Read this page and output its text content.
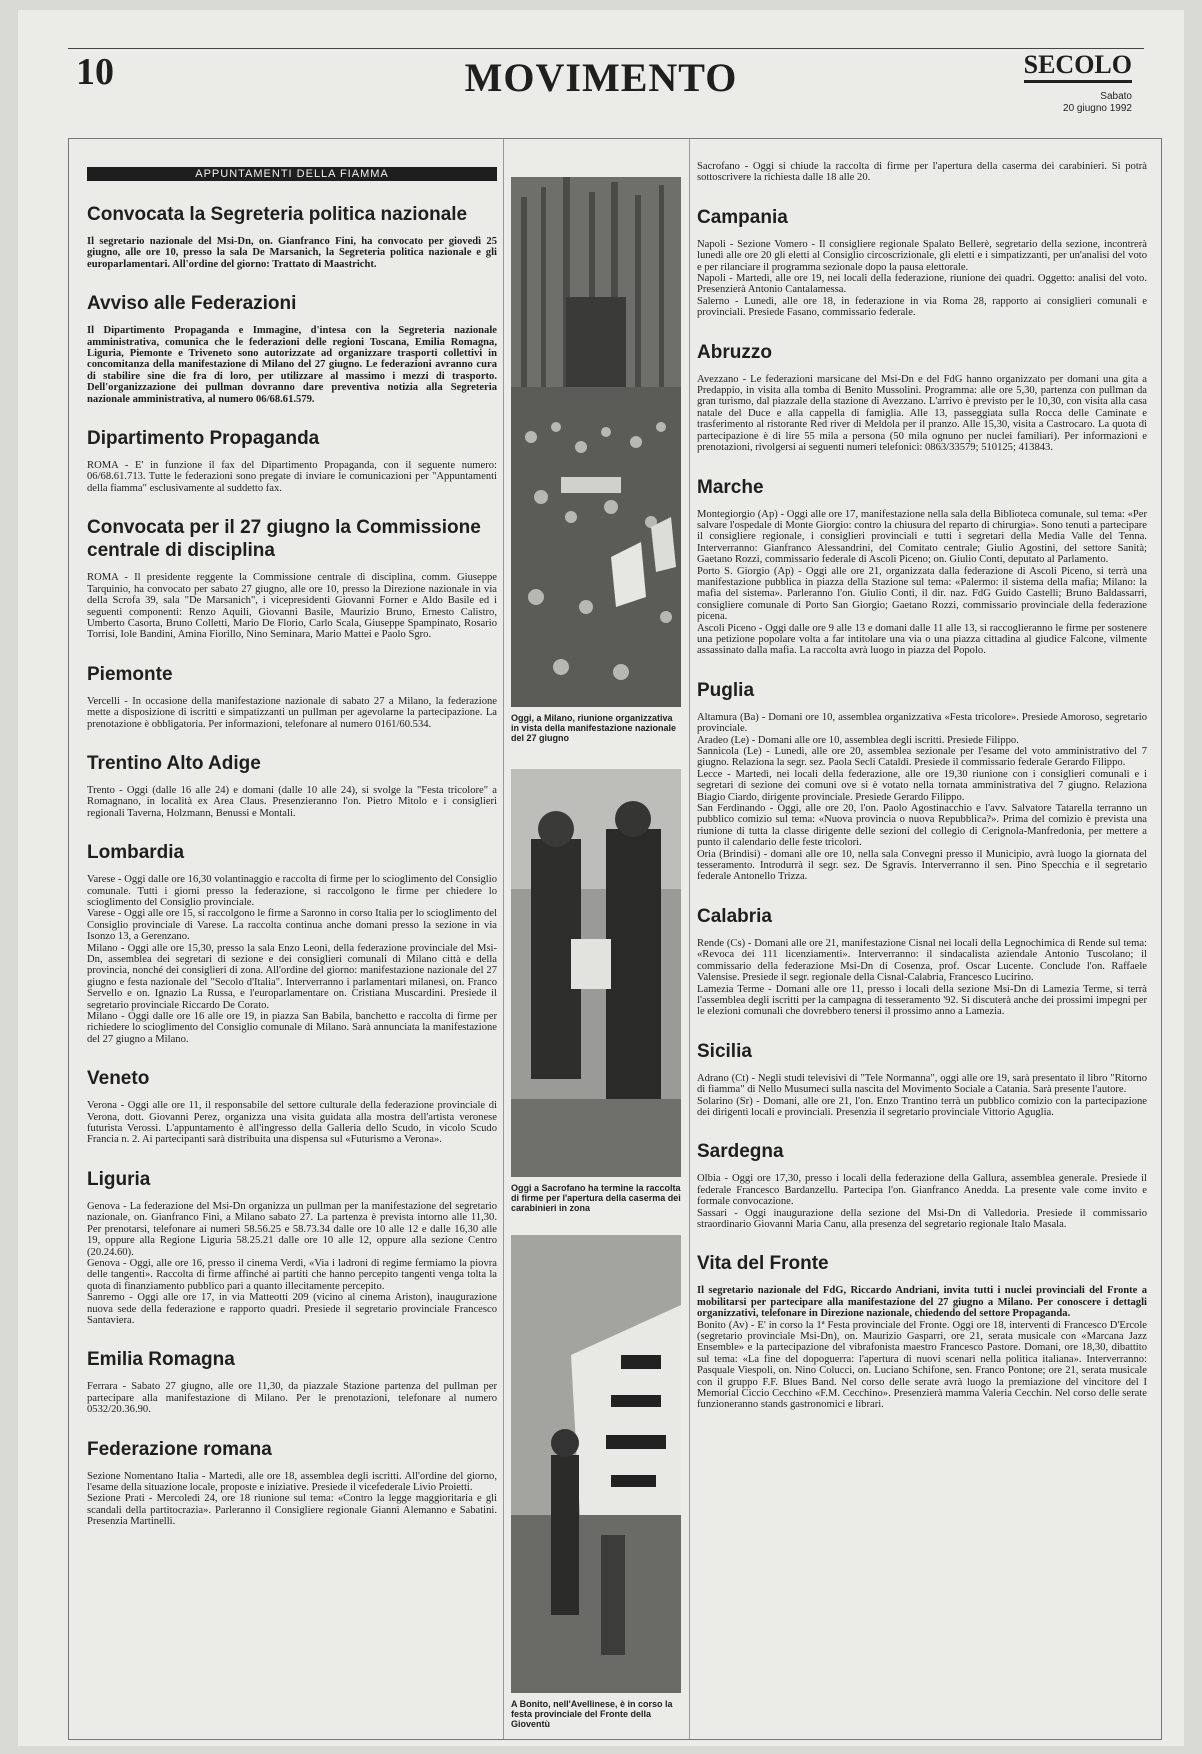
10	MOVIMENTO	SECOLO
Sabato
20 giugno 1992
APPUNTAMENTI DELLA FIAMMA
Convocata la Segreteria politica nazionale

Il segretario nazionale del Msi-Dn, on. Gianfranco Fini, ha convocato per giovedì 25 giugno, alle ore 10, presso la sala De Marsanich, la Segreteria politica nazionale e gli europarlamentari. All'ordine del giorno: Trattato di Maastricht.

Avviso alle Federazioni

Il Dipartimento Propaganda e Immagine, d'intesa con la Segreteria nazionale amministrativa, comunica che le federazioni delle regioni Toscana, Emilia Romagna, Liguria, Piemonte e Triveneto sono autorizzate ad organizzare trasporti collettivi in concomitanza della manifestazione di Milano del 27 giugno. Le federazioni avranno cura di stabilire sine die fra di loro, per utilizzare al massimo i mezzi di trasporto. Dell'organizzazione dei pullman dovranno dare preventiva notizia alla Segreteria nazionale amministrativa, al numero 06/68.61.579.

Dipartimento Propaganda

ROMA - E' in funzione il fax del Dipartimento Propaganda, con il seguente numero: 06/68.61.713. Tutte le federazioni sono pregate di inviare le comunicazioni per "Appuntamenti della fiamma" esclusivamente al suddetto fax.

Convocata per il 27 giugno la Commissione centrale di disciplina

ROMA - Il presidente reggente la Commissione centrale di disciplina, comm. Giuseppe Tarquinio, ha convocato per sabato 27 giugno, alle ore 10, presso la Direzione nazionale in via della Scrofa 39, sala "De Marsanich", i vicepresidenti Giovanni Forner e Aldo Basile ed i seguenti componenti: Renzo Aquili, Giovanni Basile, Maurizio Bruno, Ernesto Calistro, Umberto Casorta, Bruno Colletti, Mario De Florio, Carlo Scala, Giuseppe Spampinato, Rosario Torrisi, Iole Bandini, Amina Fiorillo, Nino Seminara, Mario Mattei e Paolo Sgro.

Piemonte

Vercelli - In occasione della manifestazione nazionale di sabato 27 a Milano, la federazione mette a disposizione di iscritti e simpatizzanti un pullman per agevolarne la partecipazione. La prenotazione è obbligatoria. Per informazioni, telefonare al numero 0161/60.534.

Trentino Alto Adige

Trento - Oggi (dalle 16 alle 24) e domani (dalle 10 alle 24), si svolge la "Festa tricolore" a Romagnano, in località ex Area Claus. Presenzieranno l'on. Pietro Mitolo e i consiglieri regionali Taverna, Holzmann, Benussi e Montali.

Lombardia

Varese - Oggi dalle ore 16,30 volantinaggio e raccolta di firme per lo scioglimento del Consiglio comunale. Tutti i giorni presso la federazione, si raccolgono le firme per chiedere lo scioglimento del Consiglio provinciale.

Varese - Oggi alle ore 15, si raccolgono le firme a Saronno in corso Italia per lo scioglimento del Consiglio provinciale di Varese. La raccolta continua anche domani presso la sezione in via Isonzo 13, a Gerenzano.

Milano - Oggi alle ore 15,30, presso la sala Enzo Leoni, della federazione provinciale del Msi-Dn, assemblea dei segretari di sezione e dei consiglieri comunali di Milano città e della provincia, nonché dei consiglieri di zona. All'ordine del giorno: manifestazione nazionale del 27 giugno e festa nazionale del "Secolo d'Italia". Interverranno i parlamentari milanesi, on. Franco Servello e on. Ignazio La Russa, e l'europarlamentare on. Cristiana Muscardini. Presiede il segretario provinciale Riccardo De Corato.

Milano - Oggi dalle ore 16 alle ore 19, in piazza San Babila, banchetto e raccolta di firme per richiedere lo scioglimento del Consiglio comunale di Milano. Sarà annunciata la manifestazione del 27 giugno a Milano.

Veneto

Verona - Oggi alle ore 11, il responsabile del settore culturale della federazione provinciale di Verona, dott. Giovanni Perez, organizza una visita guidata alla mostra dell'artista veronese futurista Verossi. L'appuntamento è all'ingresso della Galleria dello Scudo, in vicolo Scudo Francia n. 2. Ai partecipanti sarà distribuita una dispensa sul «Futurismo a Verona».

Liguria

Genova - La federazione del Msi-Dn organizza un pullman per la manifestazione del segretario nazionale, on. Gianfranco Fini, a Milano sabato 27. La partenza è prevista intorno alle 11,30. Per prenotarsi, telefonare ai numeri 58.56.25 e 58.73.34 dalle ore 10 alle 12 e dalle 16,30 alle 19, oppure alla Regione Liguria 58.25.21 dalle ore 10 alle 12, oppure alla sezione Centro (20.24.60).

Genova - Oggi, alle ore 16, presso il cinema Verdi, «Via i ladroni di regime fermiamo la piovra delle tangenti». Raccolta di firme affinché ai partiti che hanno percepito tangenti venga tolta la quota di finanziamento pubblico pari a quanto illecitamente percepito.

Sanremo - Oggi alle ore 17, in via Matteotti 209 (vicino al cinema Ariston), inaugurazione nuova sede della federazione e rapporto quadri. Presiede il segretario provinciale Francesco Santaviera.

Emilia Romagna

Ferrara - Sabato 27 giugno, alle ore 11,30, da piazzale Stazione partenza del pullman per partecipare alla manifestazione di Milano. Per le prenotazioni, telefonare al numero 0532/20.36.90.

Federazione romana

Sezione Nomentano Italia - Martedì, alle ore 18, assemblea degli iscritti. All'ordine del giorno, l'esame della situazione locale, proposte e iniziative. Presiede il vicefederale Livio Proietti.

Sezione Prati - Mercoledì 24, ore 18 riunione sul tema: «Contro la legge maggioritaria e gli scandali della partitocrazia». Parleranno il Consigliere regionale Gianni Alemanno e Sabatini. Presenzia Martinelli.

Oggi, a Milano, riunione organizzativa in vista della manifestazione nazionale del 27 giugno
Oggi a Sacrofano ha termine la raccolta di firme per l'apertura della caserma dei carabinieri in zona
A Bonito, nell'Avellinese, è in corso la festa provinciale del Fronte della Gioventù

Sacrofano - Oggi si chiude la raccolta di firme per l'apertura della caserma dei carabinieri. Si potrà sottoscrivere la richiesta dalle 18 alle 20.

Campania

Napoli - Sezione Vomero - Il consigliere regionale Spalato Bellerè, segretario della sezione, incontrerà lunedì alle ore 20 gli eletti al Consiglio circoscrizionale, gli eletti e i simpatizzanti, per un'analisi del voto e per rilanciare il programma sezionale dopo la pausa elettorale.

Napoli - Martedì, alle ore 19, nei locali della federazione, riunione dei quadri. Oggetto: analisi del voto. Presenzierà Antonio Cantalamessa.

Salerno - Lunedì, alle ore 18, in federazione in via Roma 28, rapporto ai consiglieri comunali e provinciali. Presiede Fasano, commissario federale.

Abruzzo

Avezzano - Le federazioni marsicane del Msi-Dn e del FdG hanno organizzato per domani una gita a Predappio, in visita alla tomba di Benito Mussolini. Programma: alle ore 5,30, partenza con pullman da gran turismo, dal piazzale della stazione di Avezzano. L'arrivo è previsto per le 10,30, con visita alla casa natale del Duce e alla cappella di famiglia. Alle 13, passeggiata sulla Rocca delle Caminate e trasferimento al ristorante Red river di Meldola per il pranzo. Alle 15,30, visita a Castrocaro. La quota di partecipazione è di lire 55 mila a persona (50 mila ognuno per nuclei familiari). Per informazioni e prenotazioni, rivolgersi ai seguenti numeri telefonici: 0863/33579; 510125; 413843.

Marche

Montegiorgio (Ap) - Oggi alle ore 17, manifestazione nella sala della Biblioteca comunale, sul tema: «Per salvare l'ospedale di Monte Giorgio: contro la chiusura del reparto di chirurgia». Sono tenuti a partecipare il consigliere regionale, i consiglieri provinciali e tutti i segretari della Media Valle del Tenna. Interverranno: Gianfranco Alessandrini, del Comitato centrale; Giulio Agostini, del settore Sanità; Gaetano Rozzi, commissario federale di Ascoli Piceno; on. Giulio Conti, deputato al Parlamento.

Porto S. Giorgio (Ap) - Oggi alle ore 21, organizzata dalla federazione di Ascoli Piceno, si terrà una manifestazione pubblica in piazza della Stazione sul tema: «Palermo: il sistema della mafia; Milano: la mafia del sistema». Parleranno l'on. Giulio Conti, il dir. naz. FdG Guido Castelli; Bruno Baldassarri, consigliere comunale di Porto San Giorgio; Gaetano Rozzi, commissario provinciale della federazione picena.

Ascoli Piceno - Oggi dalle ore 9 alle 13 e domani dalle 11 alle 13, si raccoglieranno le firme per sostenere una petizione popolare volta a far intitolare una via o una piazza cittadina al giudice Falcone, vilmente assassinato dalla mafia. La raccolta avrà luogo in piazza del Popolo.

Puglia

Altamura (Ba) - Domani ore 10, assemblea organizzativa «Festa tricolore». Presiede Amoroso, segretario provinciale.

Aradeo (Le) - Domani alle ore 10, assemblea degli iscritti. Presiede Filippo.

Sannicola (Le) - Lunedì, alle ore 20, assemblea sezionale per l'esame del voto amministrativo del 7 giugno. Relaziona la segr. sez. Paola Secli Cataldi. Presiede il commissario federale Gerardo Filippo.

Lecce - Martedì, nei locali della federazione, alle ore 19,30 riunione con i consiglieri comunali e i segretari di sezione dei comuni ove si è votato nella tornata amministrativa del 7 giugno. Relaziona Biagio Ciardo, dirigente provinciale. Presiede Gerardo Filippo.

San Ferdinando - Oggi, alle ore 20, l'on. Paolo Agostinacchio e l'avv. Salvatore Tatarella terranno un pubblico comizio sul tema: «Nuova provincia o nuova Repubblica?». Prima del comizio è prevista una riunione di tutta la classe dirigente delle sezioni del collegio di Cerignola-Manfredonia, per mettere a punto il calendario delle feste tricolori.

Oria (Brindisi) - domani alle ore 10, nella sala Convegni presso il Municipio, avrà luogo la giornata del tesseramento. Introdurrà il segr. sez. De Sgravis. Interverranno il sen. Pino Specchia e il segretario federale Antonello Trizza.

Calabria

Rende (Cs) - Domani alle ore 21, manifestazione Cisnal nei locali della Legnochimica di Rende sul tema: «Revoca dei 111 licenziamenti». Interverranno: il sindacalista aziendale Antonio Tuscolano; il commissario della federazione Msi-Dn di Cosenza, prof. Oscar Lucente. Conclude l'on. Raffaele Valensise. Presiede il segr. regionale della Cisnal-Calabria, Francesco Lucirino.

Lamezia Terme - Domani alle ore 11, presso i locali della sezione Msi-Dn di Lamezia Terme, si terrà l'assemblea degli iscritti per la campagna di tesseramento '92. Si discuterà anche dei prossimi impegni per le elezioni comunali che dovrebbero tenersi il prossimo anno a Lamezia.

Sicilia

Adrano (Ct) - Negli studi televisivi di "Tele Normanna", oggi alle ore 19, sarà presentato il libro "Ritorno di fiamma" di Nello Musumeci sulla nascita del Movimento Sociale a Catania. Sarà presente l'autore.

Solarino (Sr) - Domani, alle ore 21, l'on. Enzo Trantino terrà un pubblico comizio con la partecipazione dei dirigenti locali e provinciali. Presenzia il segretario provinciale Vittorio Aguglia.

Sardegna

Olbia - Oggi ore 17,30, presso i locali della federazione della Gallura, assemblea generale. Presiede il federale Francesco Bardanzellu. Partecipa l'on. Gianfranco Anedda. La presente vale come invito e formale convocazione.

Sassari - Oggi inaugurazione della sezione del Msi-Dn di Valledoria. Presiede il commissario straordinario Giovanni Maria Canu, alla presenza del segretario regionale Italo Masala.

Vita del Fronte

Il segretario nazionale del FdG, Riccardo Andriani, invita tutti i nuclei provinciali del Fronte a mobilitarsi per partecipare alla manifestazione del 27 giugno a Milano. Per conoscere i dettagli organizzativi, telefonare in Direzione nazionale, chiedendo del settore Propaganda.

Bonito (Av) - E' in corso la 1ª Festa provinciale del Fronte. Oggi ore 18, interventi di Francesco D'Ercole (segretario provinciale Msi-Dn), on. Maurizio Gasparri, ore 21, serata musicale con «Marcana Jazz Ensemble» e la partecipazione del vibrafonista maestro Francesco Pastore. Domani, ore 18,30, dibattito sul tema: «La fine del dopoguerra: l'apertura di nuovi scenari nella politica italiana». Interverranno: Pasquale Viespoli, on. Nino Colucci, on. Luciano Schifone, sen. Franco Pontone; ore 21, serata musicale con il gruppo F.F. Blues Band. Nel corso delle serate avrà luogo la premiazione del vincitore del I Memorial Ciccio Cecchino «F.M. Cecchino». Presenzierà mamma Valeria Cecchin. Nel corso delle serate funzioneranno stands gastronomici e librari.
